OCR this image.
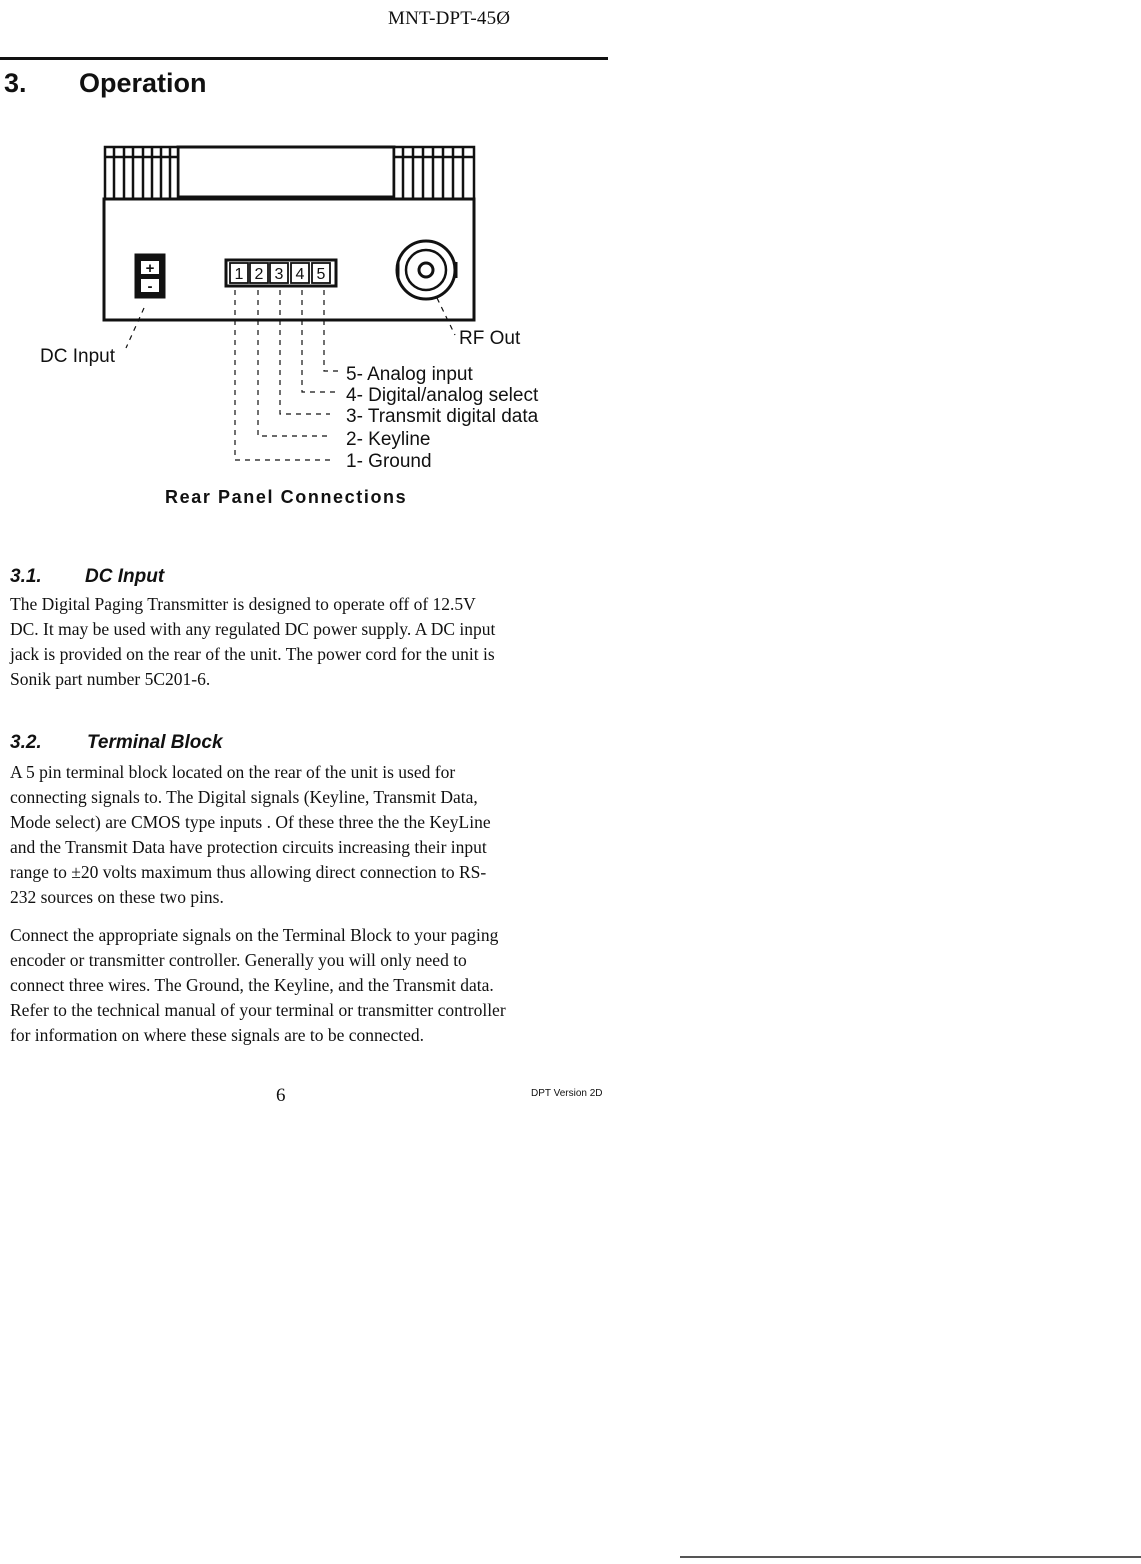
MNT-DPT-45Ø
3. Operation
1 2 3 4 5
+
-
DC Input
RF Out
5- Analog input
4- Digital/analog select
3- Transmit digital data
2- Keyline
1- Ground
Rear Panel Connections
3.1. DC Input

The Digital Paging Transmitter is designed to operate off of 12.5V
DC. It may be used with any regulated DC power supply. A DC input
jack is provided on the rear of the unit. The power cord for the unit is
Sonik part number 5C201-6.

3.2. Terminal Block

A 5 pin terminal block located on the rear of the unit is used for
connecting signals to. The Digital signals (Keyline, Transmit Data,
Mode select) are CMOS type inputs . Of these three the the KeyLine
and the Transmit Data have protection circuits increasing their input
range to ±20 volts maximum thus allowing direct connection to RS-
232 sources on these two pins.

Connect the appropriate signals on the Terminal Block to your paging
encoder or transmitter controller. Generally you will only need to
connect three wires. The Ground, the Keyline, and the Transmit data.
Refer to the technical manual of your terminal or transmitter controller
for information on where these signals are to be connected.

6	DPT Version 2D
